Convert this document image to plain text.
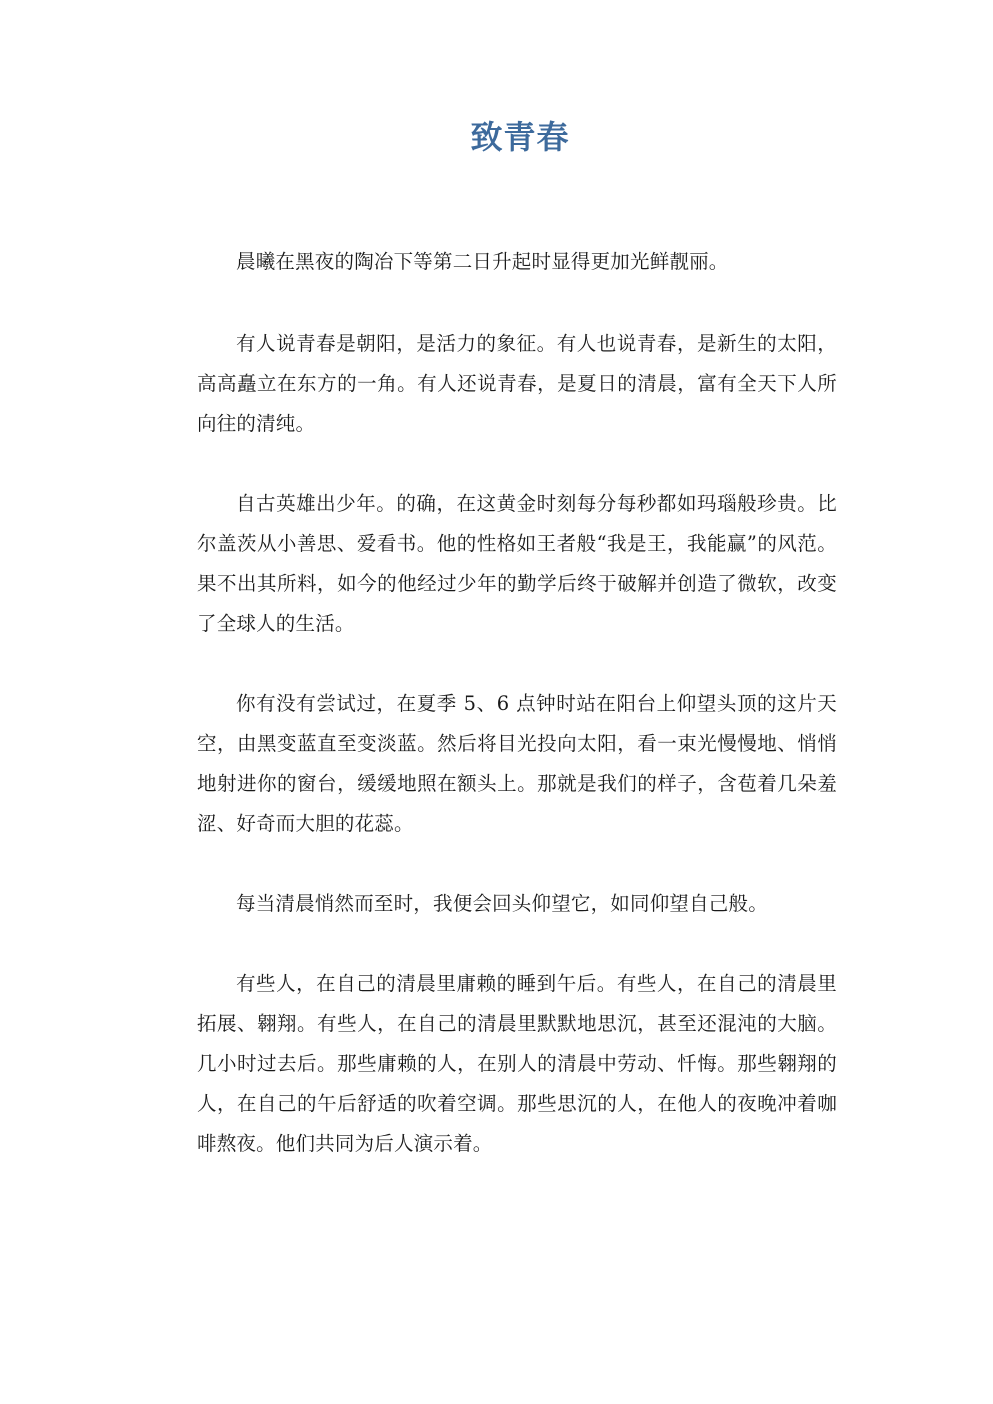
致青春

晨曦在黑夜的陶冶下等第二日升起时显得更加光鲜靓丽。

有人说青春是朝阳，是活力的象征。有人也说青春，是新生的太阳，高高矗立在东方的一角。有人还说青春，是夏日的清晨，富有全天下人所向往的清纯。

自古英雄出少年。的确，在这黄金时刻每分每秒都如玛瑙般珍贵。比尔盖茨从小善思、爱看书。他的性格如王者般“我是王，我能赢”的风范。果不出其所料，如今的他经过少年的勤学后终于破解并创造了微软，改变了全球人的生活。

你有没有尝试过，在夏季 5、6 点钟时站在阳台上仰望头顶的这片天空，由黑变蓝直至变淡蓝。然后将目光投向太阳，看一束光慢慢地、悄悄地射进你的窗台，缓缓地照在额头上。那就是我们的样子，含苞着几朵羞涩、好奇而大胆的花蕊。

每当清晨悄然而至时，我便会回头仰望它，如同仰望自己般。

有些人，在自己的清晨里庸赖的睡到午后。有些人，在自己的清晨里拓展、翱翔。有些人，在自己的清晨里默默地思沉，甚至还混沌的大脑。几小时过去后。那些庸赖的人，在别人的清晨中劳动、忏悔。那些翱翔的人，在自己的午后舒适的吹着空调。那些思沉的人，在他人的夜晚冲着咖啡熬夜。他们共同为后人演示着。
